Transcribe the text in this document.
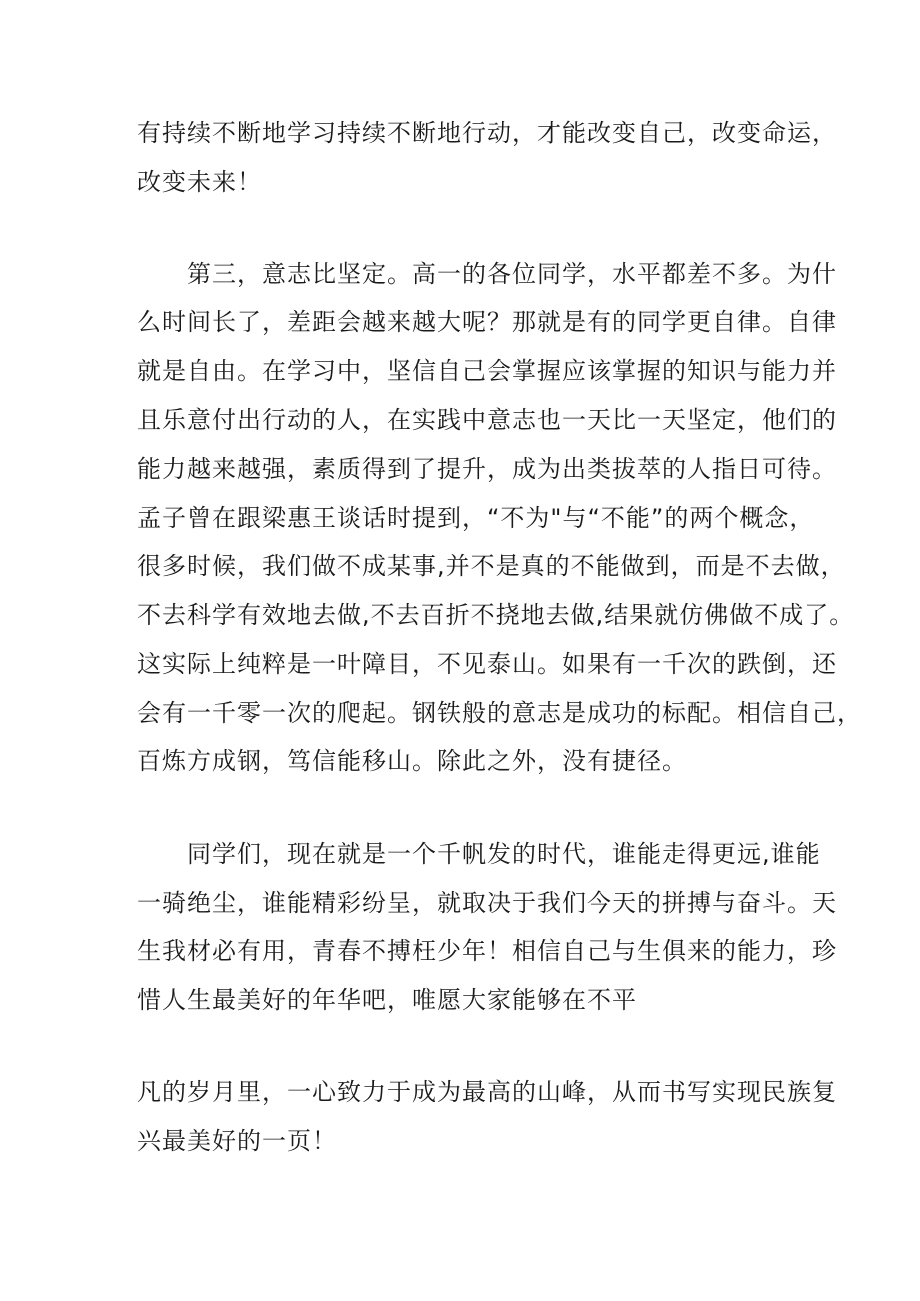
有持续不断地学习持续不断地行动，才能改变自己，改变命运，
改变未来！
第三，意志比坚定。高一的各位同学，水平都差不多。为什
么时间长了，差距会越来越大呢？那就是有的同学更自律。自律
就是自由。在学习中，坚信自己会掌握应该掌握的知识与能力并
且乐意付出行动的人，在实践中意志也一天比一天坚定，他们的
能力越来越强，素质得到了提升，成为出类拔萃的人指日可待。
孟子曾在跟梁惠王谈话时提到，“不为"与“不能”的两个概念，
很多时候，我们做不成某事,并不是真的不能做到，而是不去做，
不去科学有效地去做,不去百折不挠地去做,结果就仿佛做不成了。
这实际上纯粹是一叶障目，不见泰山。如果有一千次的跌倒，还
会有一千零一次的爬起。钢铁般的意志是成功的标配。相信自己，
百炼方成钢，笃信能移山。除此之外，没有捷径。
同学们，现在就是一个千帆发的时代，谁能走得更远,谁能
一骑绝尘，谁能精彩纷呈，就取决于我们今天的拼搏与奋斗。天
生我材必有用，青春不搏枉少年！相信自己与生俱来的能力，珍
惜人生最美好的年华吧，唯愿大家能够在不平
凡的岁月里，一心致力于成为最高的山峰，从而书写实现民族复
兴最美好的一页！
